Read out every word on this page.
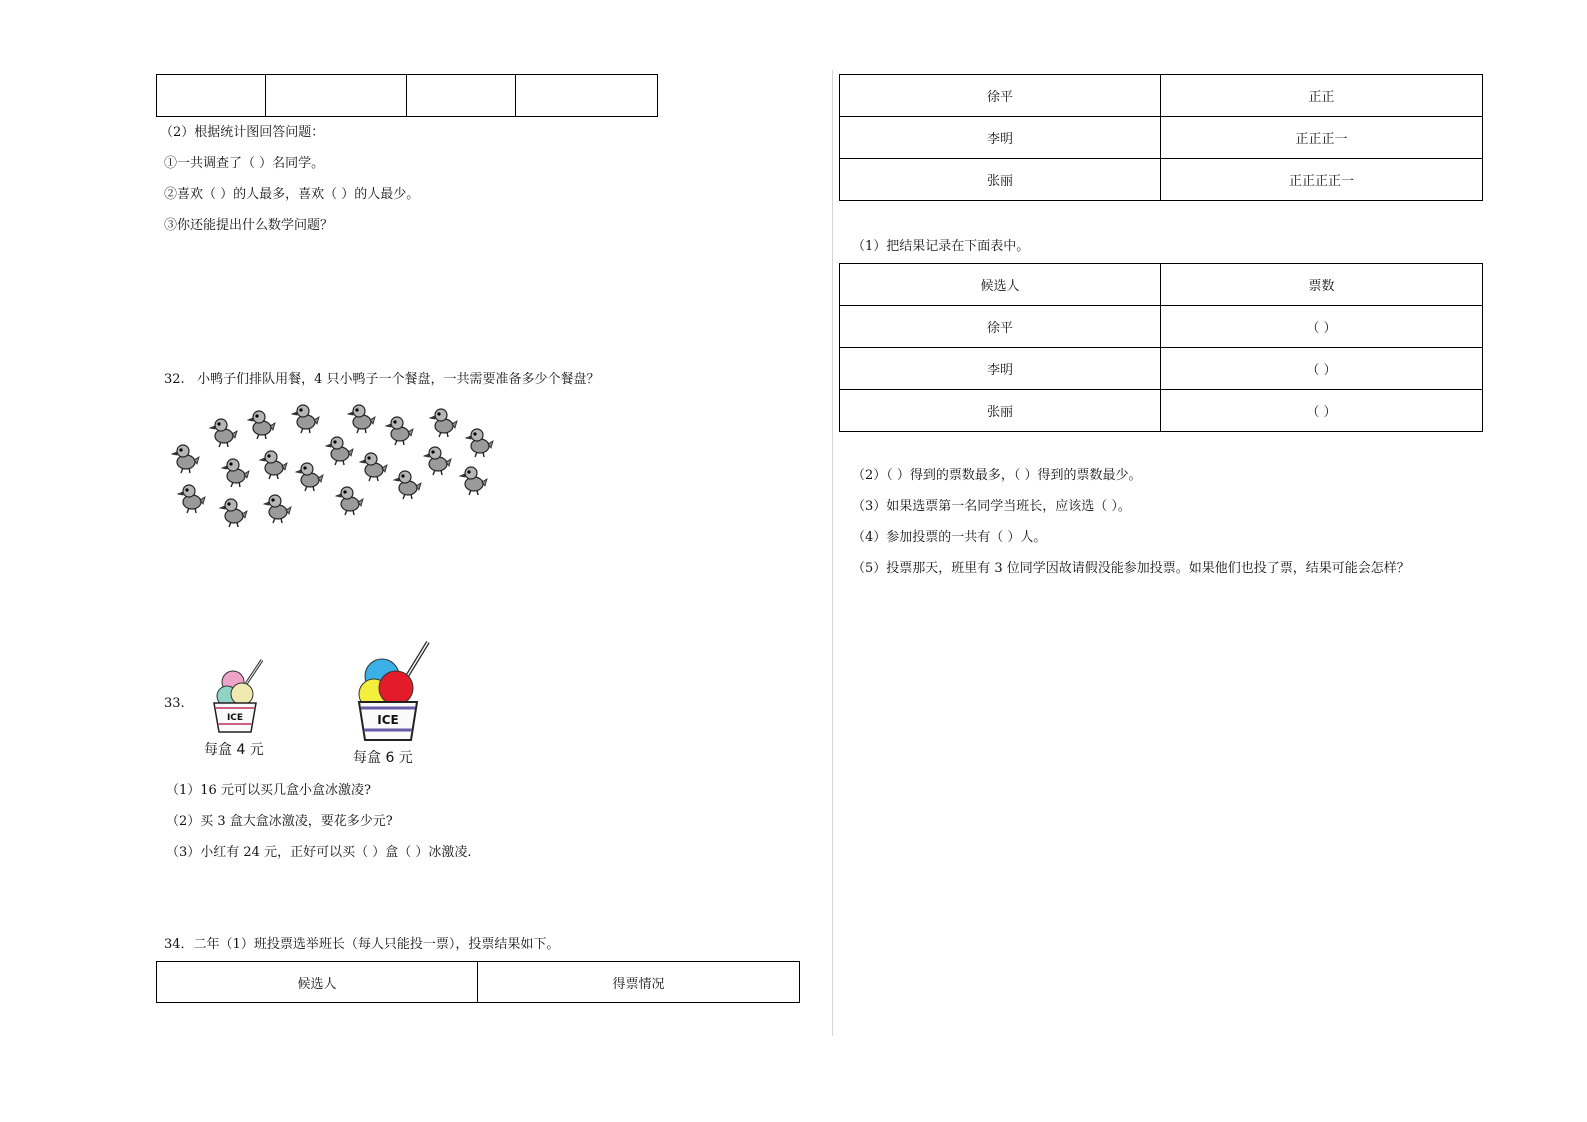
（2）根据统计图回答问题：
①一共调查了（ ）名同学。
②喜欢（ ）的人最多，喜欢（ ）的人最少。
③你还能提出什么数学问题？
32.   小鸭子们排队用餐，4 只小鸭子一个餐盘，一共需要准备多少个餐盘？
33.
ICE
每盒 4 元
ICE
每盒 6 元
（1）16 元可以买几盒小盒冰激凌?
（2）买 3 盒大盒冰激凌，要花多少元?
（3）小红有 24 元，正好可以买（ ）盒（ ）冰激凌.
34．二年（1）班投票选举班长（每人只能投一票），投票结果如下。
候选人	得票情况
徐平	正正
李明	正正正一
张丽	正正正正一
（1）把结果记录在下面表中。
候选人	票数
徐平	（ ）
李明	（ ）
张丽	（ ）
（2）（ ）得到的票数最多，（ ）得到的票数最少。
（3）如果选票第一名同学当班长，应该选（ ）。
（4）参加投票的一共有（ ）人。
（5）投票那天，班里有 3 位同学因故请假没能参加投票。如果他们也投了票，结果可能会怎样？
